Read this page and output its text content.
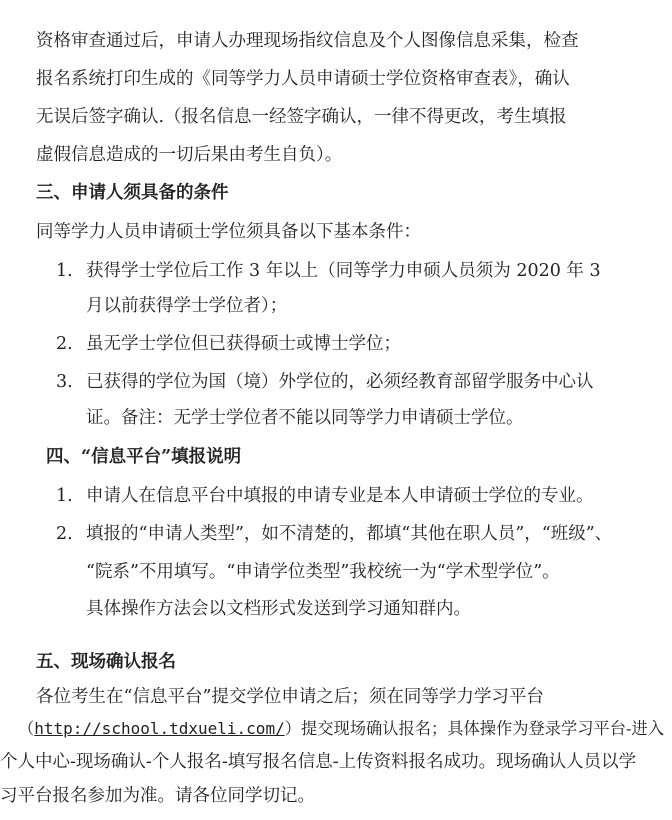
资格审查通过后，申请人办理现场指纹信息及个人图像信息采集，检查
报名系统打印生成的《同等学力人员申请硕士学位资格审查表》，确认
无误后签字确认.（报名信息一经签字确认，一律不得更改，考生填报
虚假信息造成的一切后果由考生自负）。
三、申请人须具备的条件
同等学力人员申请硕士学位须具备以下基本条件：
1. 获得学士学位后工作 3 年以上（同等学力申硕人员须为 2020 年 3
月以前获得学士学位者）；
2. 虽无学士学位但已获得硕士或博士学位；
3. 已获得的学位为国（境）外学位的，必须经教育部留学服务中心认
证。备注：无学士学位者不能以同等学力申请硕士学位。
四、“信息平台”填报说明
1. 申请人在信息平台中填报的申请专业是本人申请硕士学位的专业。
2. 填报的“申请人类型”，如不清楚的，都填“其他在职人员”，“班级”、
“院系”不用填写。“申请学位类型”我校统一为“学术型学位”。
具体操作方法会以文档形式发送到学习通知群内。
五、现场确认报名
各位考生在“信息平台”提交学位申请之后；须在同等学力学习平台
（http://school.tdxueli.com/）提交现场确认报名；具体操作为登录学习平台-进入
个人中心-现场确认-个人报名-填写报名信息-上传资料报名成功。现场确认人员以学
习平台报名参加为准。请各位同学切记。
